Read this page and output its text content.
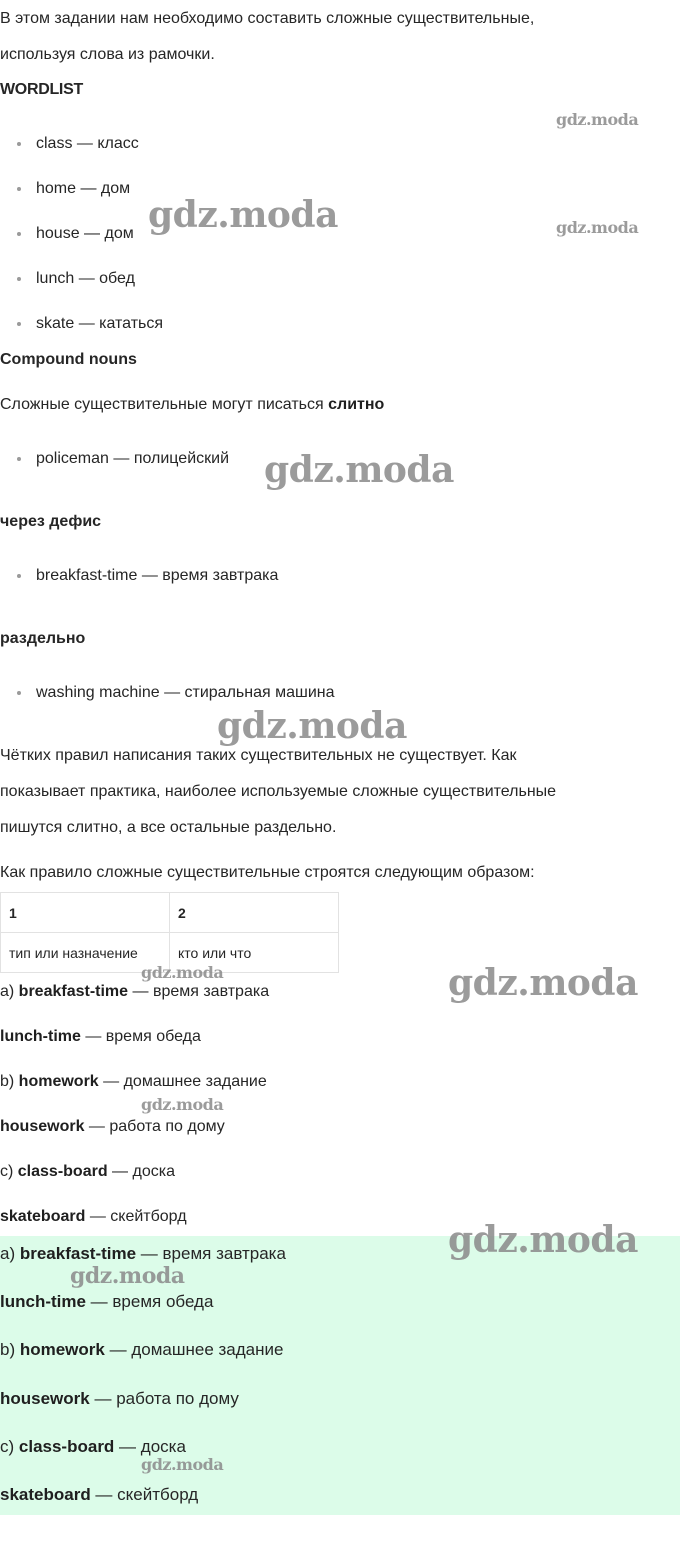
В этом задании нам необходимо составить сложные существительные,

используя слова из рамочки.

WORDLIST

class — класс
home — дом
house — дом
lunch — обед
skate — кататься

Compound nouns

Сложные существительные могут писаться слитно

policeman — полицейский

через дефис

breakfast-time — время завтрака

раздельно

washing machine — стиральная машина

Чётких правил написания таких существительных не существует. Как

показывает практика, наиболее используемые сложные существительные

пишутся слитно, а все остальные раздельно.

Как правило сложные существительные строятся следующим образом:

1	2
тип или назначение	кто или что

a) breakfast-time — время завтрака

lunch-time — время обеда

b) homework — домашнее задание

housework — работа по дому

c) class-board — доска

skateboard — скейтборд

a) breakfast-time — время завтрака

lunch-time — время обеда

b) homework — домашнее задание

housework — работа по дому

c) class-board — доска

skateboard — скейтборд

gdz.moda
gdz.moda	gdz.moda
gdz.moda
gdz.moda
gdz.moda	gdz.moda
gdz.moda
gdz.moda
gdz.moda
gdz.moda
